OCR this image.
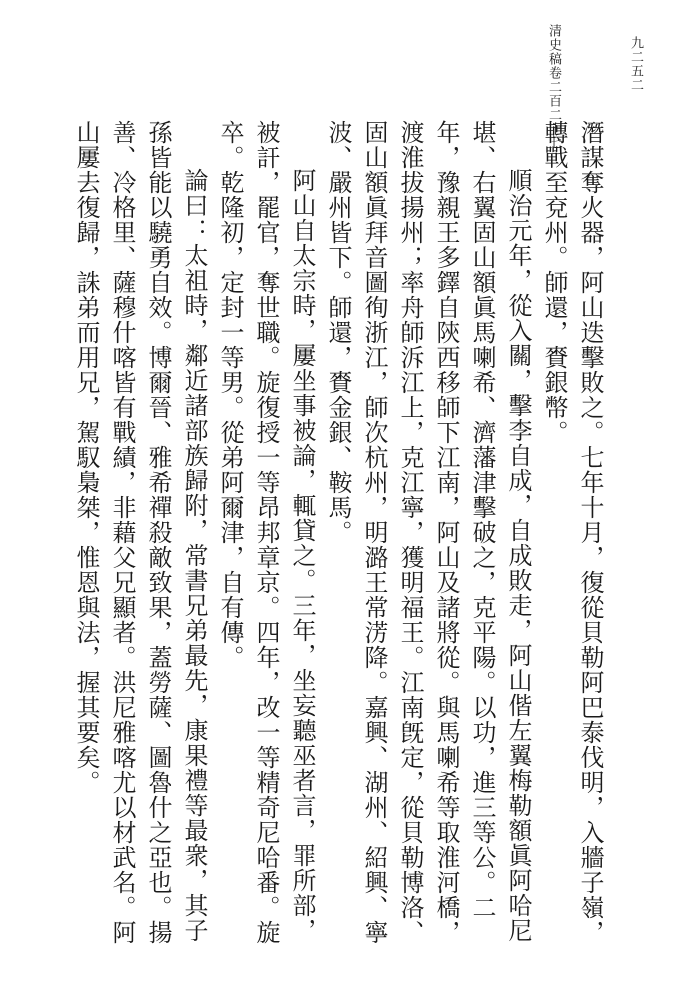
清史稿卷二百二十七	九二五二

潛謀奪火器，阿山迭擊敗之。七年十月，復從貝勒阿巴泰伐明，入牆子嶺，轉戰至兗州。師還，賚銀幣。

順治元年，從入關，擊李自成，自成敗走，阿山偕左翼梅勒額眞阿哈尼堪、右翼固山額眞馬喇希、濟藩津擊破之，克平陽。以功，進三等公。二年，豫親王多鐸自陝西移師下江南，阿山及諸將從。與馬喇希等取淮河橋，渡淮拔揚州；率舟師泝江上，克江寧，獲明福王。江南旣定，從貝勒博洛、固山額眞拜音圖徇浙江，師次杭州，明潞王常淓降。嘉興、湖州、紹興、寧波、嚴州皆下。師還，賚金銀、鞍馬。

阿山自太宗時，屢坐事被論，輒貸之。三年，坐妄聽巫者言，罪所部，被訐，罷官，奪世職。旋復授一等昂邦章京。四年，改一等精奇尼哈番。旋卒。乾隆初，定封一等男。從弟阿爾津，自有傳。

論曰：太祖時，鄰近諸部族歸附，常書兄弟最先，康果禮等最衆，其子孫皆能以驍勇自效。博爾晉、雅希禪殺敵致果，蓋勞薩、圖魯什之亞也。揚善、冷格里、薩穆什喀皆有戰績，非藉父兄顯者。洪尼雅喀尤以材武名。阿山屢去復歸，誅弟而用兄，駕馭梟桀，惟恩與法，握其要矣。
